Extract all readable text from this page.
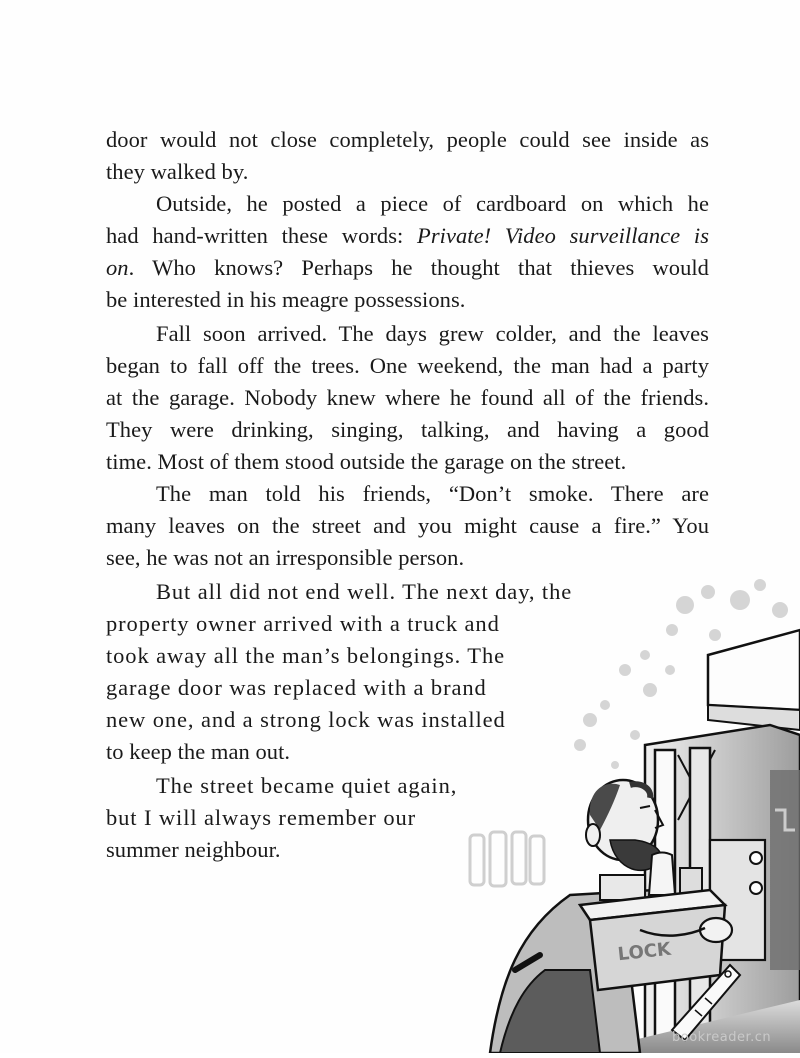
door would not close completely, people could see inside as
they walked by.
Outside, he posted a piece of cardboard on which he
had hand-written these words: Private! Video surveillance is
on. Who knows? Perhaps he thought that thieves would
be interested in his meagre possessions.
Fall soon arrived. The days grew colder, and the leaves
began to fall off the trees. One weekend, the man had a party
at the garage. Nobody knew where he found all of the friends.
They were drinking, singing, talking, and having a good
time. Most of them stood outside the garage on the street.
The man told his friends, “Don’t smoke. There are
many leaves on the street and you might cause a fire.” You
see, he was not an irresponsible person.
But all did not end well. The next day, the
property owner arrived with a truck and
took away all the man’s belongings. The
garage door was replaced with a brand
new one, and a strong lock was installed
to keep the man out.
The street became quiet again,
but I will always remember our
summer neighbour.
LOCK
bookreader.cn
